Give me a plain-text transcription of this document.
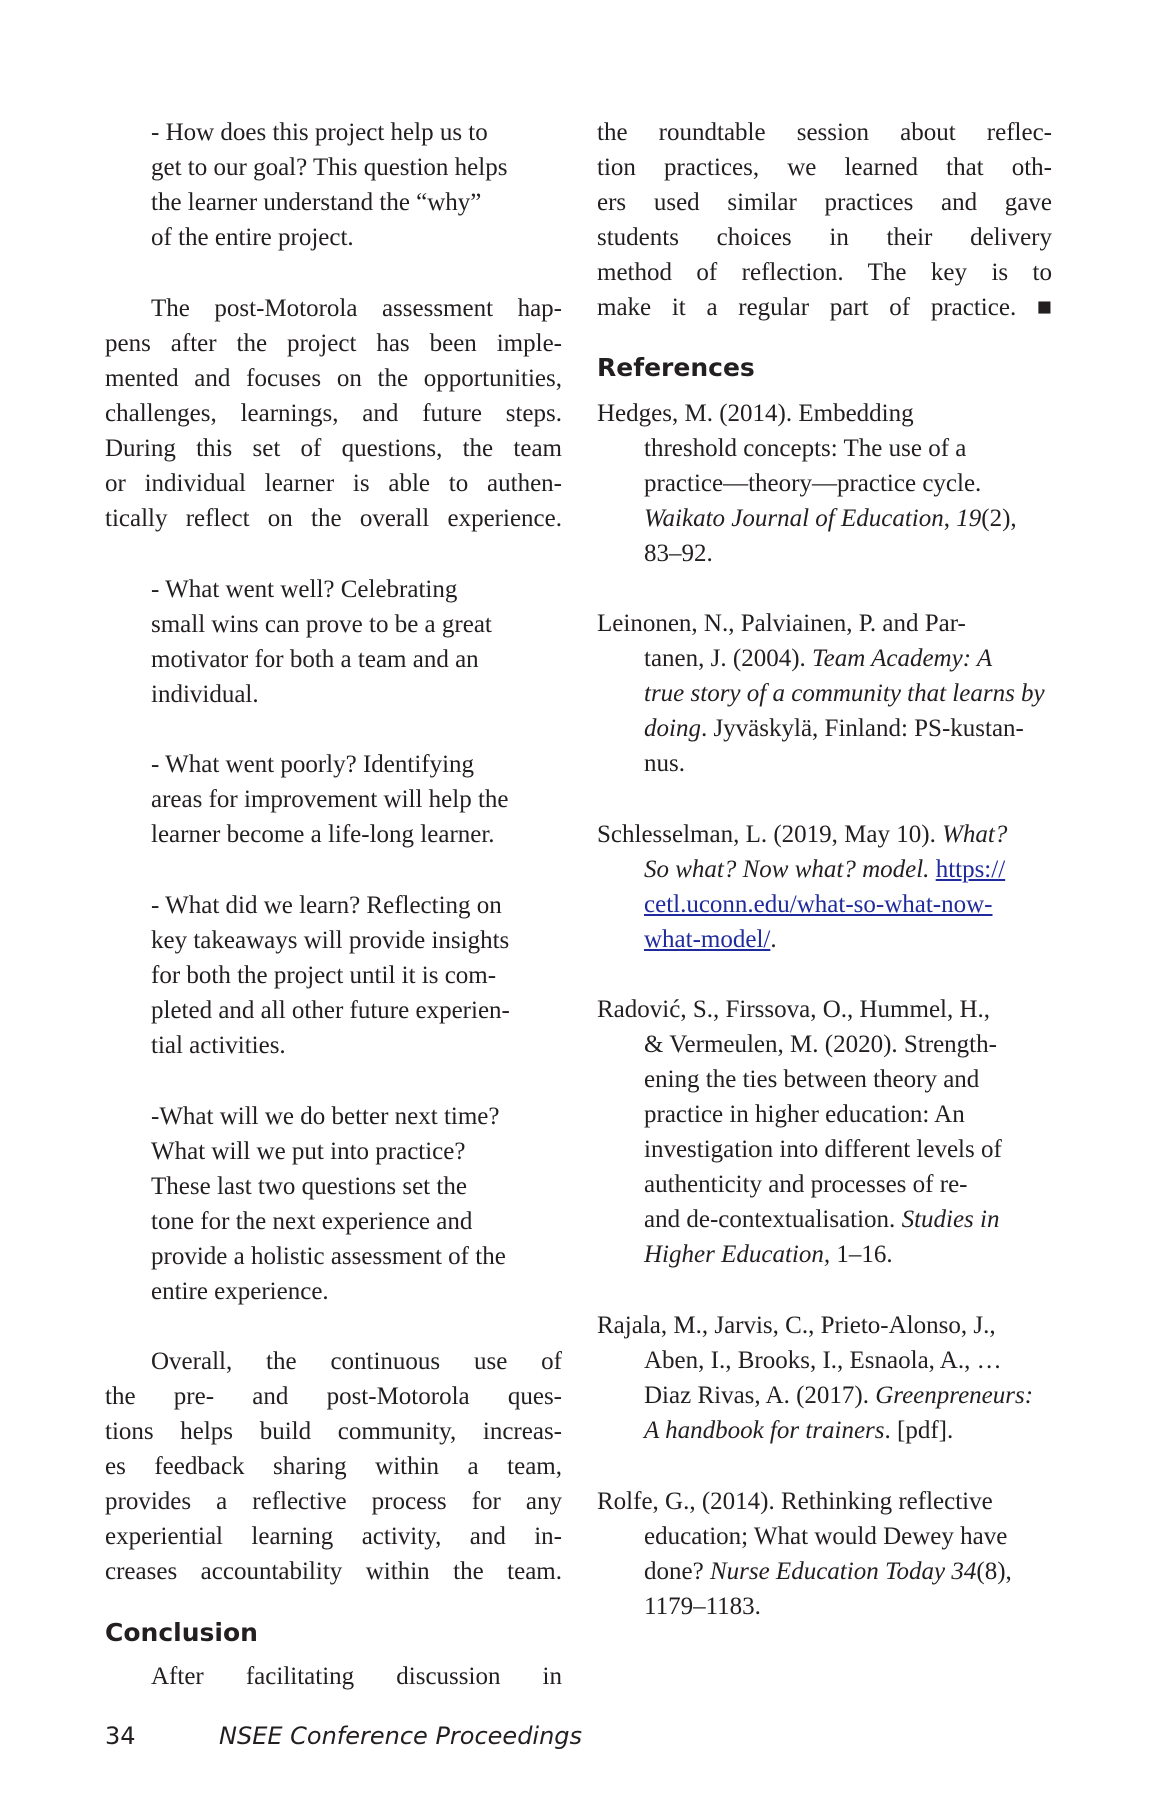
- How does this project help us to
get to our goal? This question helps
the learner understand the “why”
of the entire project.
The post-Motorola assessment hap-
pens after the project has been imple-
mented and focuses on the opportunities,
challenges, learnings, and future steps.
During this set of questions, the team
or individual learner is able to authen-
tically reflect on the overall experience.
- What went well? Celebrating
small wins can prove to be a great
motivator for both a team and an
individual.
- What went poorly? Identifying
areas for improvement will help the
learner become a life-long learner.
- What did we learn? Reflecting on
key takeaways will provide insights
for both the project until it is com-
pleted and all other future experien-
tial activities.
-What will we do better next time?
What will we put into practice?
These last two questions set the
tone for the next experience and
provide a holistic assessment of the
entire experience.
Overall, the continuous use of
the pre- and post-Motorola ques-
tions helps build community, increas-
es feedback sharing within a team,
provides a reflective process for any
experiential learning activity, and in-
creases accountability within the team.
After facilitating discussion in
the roundtable session about reflec-
tion practices, we learned that oth-
ers used similar practices and gave
students choices in their delivery
method of reflection. The key is to
make it a regular part of practice. ■
Hedges, M. (2014). Embedding
threshold concepts: The use of a
practice—theory—practice cycle.
Waikato Journal of Education, 19(2),
83–92.
Leinonen, N., Palviainen, P. and Par-
tanen, J. (2004). Team Academy: A
true story of a community that learns by
doing. Jyväskylä, Finland: PS-kustan-
nus.
Schlesselman, L. (2019, May 10). What?
So what? Now what? model. https://
cetl.uconn.edu/what-so-what-now-
what-model/.
Radović, S., Firssova, O., Hummel, H.,
& Vermeulen, M. (2020). Strength-
ening the ties between theory and
practice in higher education: An
investigation into different levels of
authenticity and processes of re-
and de-contextualisation. Studies in
Higher Education, 1–16.
Rajala, M., Jarvis, C., Prieto-Alonso, J.,
Aben, I., Brooks, I., Esnaola, A., …
Diaz Rivas, A. (2017). Greenpreneurs:
A handbook for trainers. [pdf].
Rolfe, G., (2014). Rethinking reflective
education; What would Dewey have
done? Nurse Education Today 34(8),
1179–1183.
Conclusion
References
34	NSEE Conference Proceedings
